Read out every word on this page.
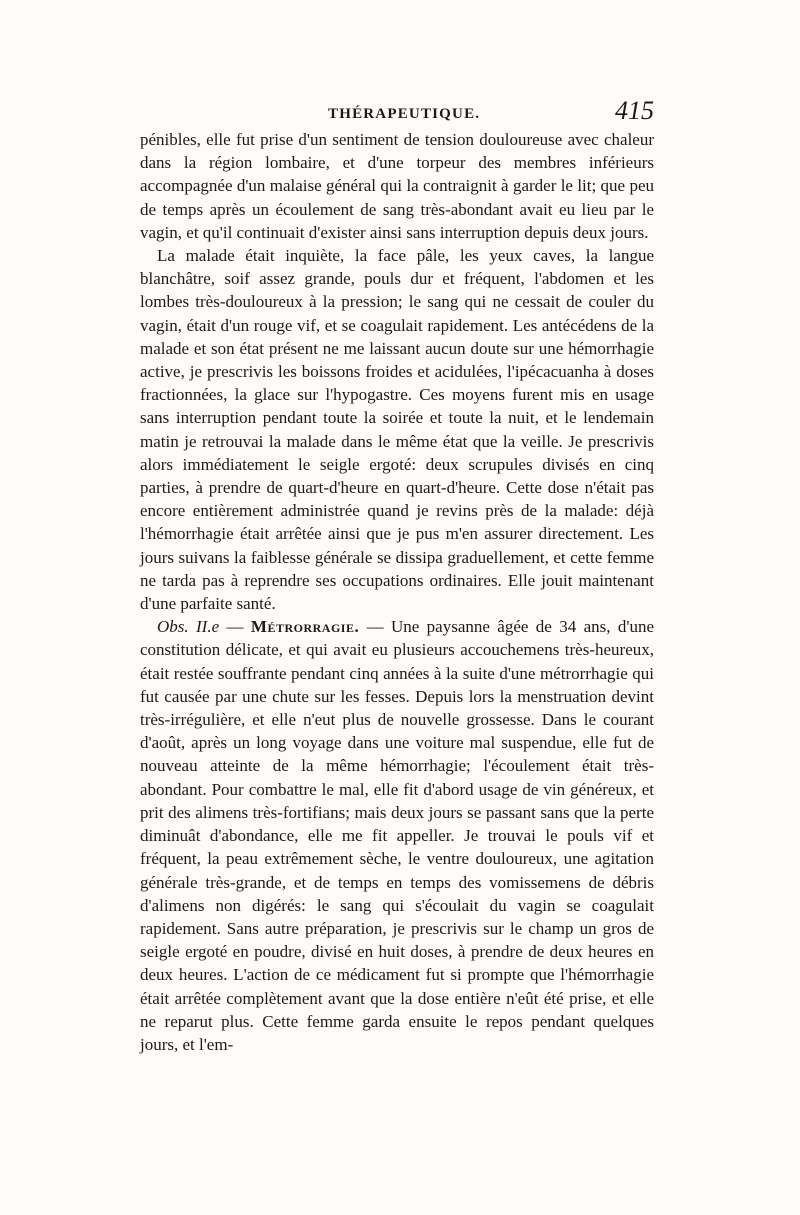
THÉRAPEUTIQUE.	415

pénibles, elle fut prise d'un sentiment de tension douloureuse avec chaleur dans la région lombaire, et d'une torpeur des membres inférieurs accompagnée d'un malaise général qui la contraignit à garder le lit; que peu de temps après un écoulement de sang très-abondant avait eu lieu par le vagin, et qu'il continuait d'exister ainsi sans interruption depuis deux jours.

La malade était inquiète, la face pâle, les yeux caves, la langue blanchâtre, soif assez grande, pouls dur et fréquent, l'abdomen et les lombes très-douloureux à la pression; le sang qui ne cessait de couler du vagin, était d'un rouge vif, et se coagulait rapidement. Les antécédens de la malade et son état présent ne me laissant aucun doute sur une hémorrhagie active, je prescrivis les boissons froides et acidulées, l'ipécacuanha à doses fractionnées, la glace sur l'hypogastre. Ces moyens furent mis en usage sans interruption pendant toute la soirée et toute la nuit, et le lendemain matin je retrouvai la malade dans le même état que la veille. Je prescrivis alors immédiatement le seigle ergoté: deux scrupules divisés en cinq parties, à prendre de quart-d'heure en quart-d'heure. Cette dose n'était pas encore entièrement administrée quand je revins près de la malade: déjà l'hémorrhagie était arrêtée ainsi que je pus m'en assurer directement. Les jours suivans la faiblesse générale se dissipa graduellement, et cette femme ne tarda pas à reprendre ses occupations ordinaires. Elle jouit maintenant d'une parfaite santé.

Obs. II.e — Métrorragie. — Une paysanne âgée de 34 ans, d'une constitution délicate, et qui avait eu plusieurs accouchemens très-heureux, était restée souffrante pendant cinq années à la suite d'une métrorrhagie qui fut causée par une chute sur les fesses. Depuis lors la menstruation devint très-irrégulière, et elle n'eut plus de nouvelle grossesse. Dans le courant d'août, après un long voyage dans une voiture mal suspendue, elle fut de nouveau atteinte de la même hémorrhagie; l'écoulement était très-abondant. Pour combattre le mal, elle fit d'abord usage de vin généreux, et prit des alimens très-fortifians; mais deux jours se passant sans que la perte diminuât d'abondance, elle me fit appeller. Je trouvai le pouls vif et fréquent, la peau extrêmement sèche, le ventre douloureux, une agitation générale très-grande, et de temps en temps des vomissemens de débris d'alimens non digérés: le sang qui s'écoulait du vagin se coagulait rapidement. Sans autre préparation, je prescrivis sur le champ un gros de seigle ergoté en poudre, divisé en huit doses, à prendre de deux heures en deux heures. L'action de ce médicament fut si prompte que l'hémorrhagie était arrêtée complètement avant que la dose entière n'eût été prise, et elle ne reparut plus. Cette femme garda ensuite le repos pendant quelques jours, et l'em-
